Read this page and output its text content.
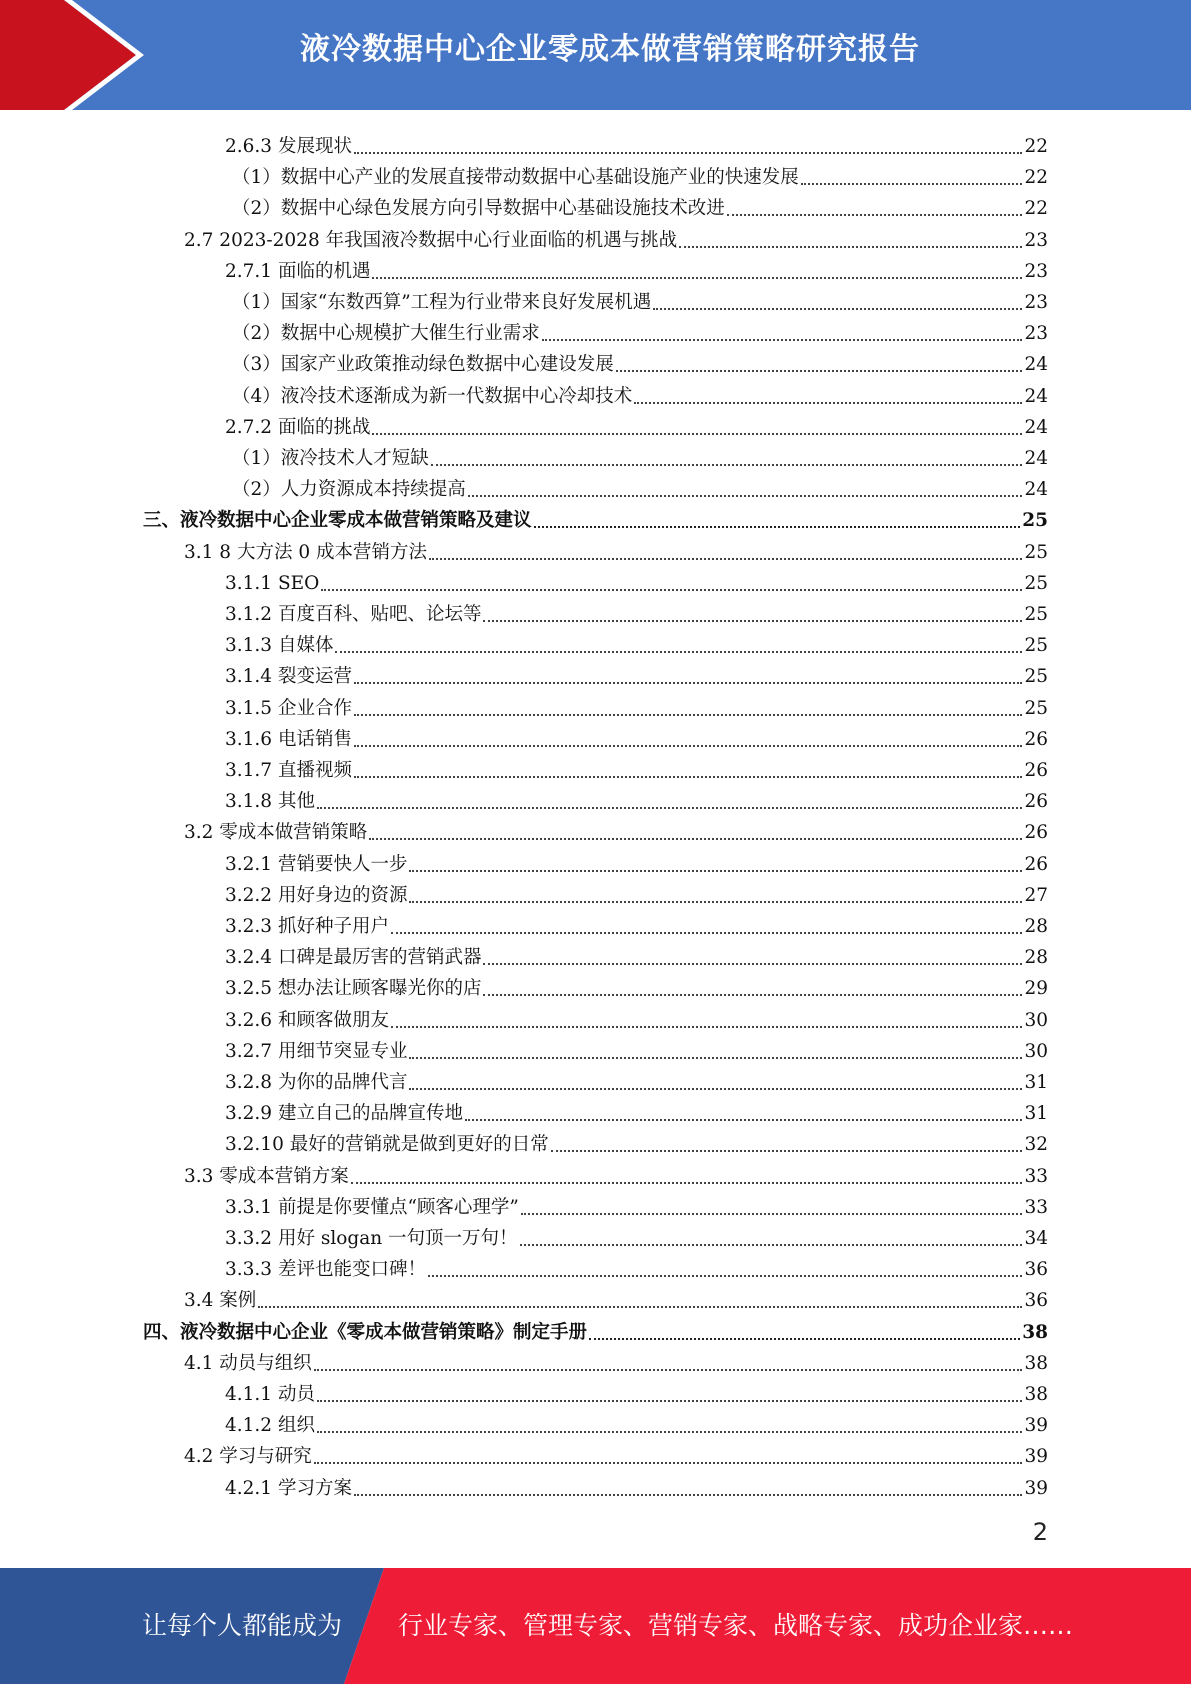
液冷数据中心企业零成本做营销策略研究报告
2.6.3 发展现状	22
（1）数据中心产业的发展直接带动数据中心基础设施产业的快速发展	22
（2）数据中心绿色发展方向引导数据中心基础设施技术改进	22
2.7 2023-2028 年我国液冷数据中心行业面临的机遇与挑战	23
2.7.1 面临的机遇	23
（1）国家“东数西算”工程为行业带来良好发展机遇	23
（2）数据中心规模扩大催生行业需求	23
（3）国家产业政策推动绿色数据中心建设发展	24
（4）液冷技术逐渐成为新一代数据中心冷却技术	24
2.7.2 面临的挑战	24
（1）液冷技术人才短缺	24
（2）人力资源成本持续提高	24
三、液冷数据中心企业零成本做营销策略及建议	25
3.1 8 大方法 0 成本营销方法	25
3.1.1 SEO	25
3.1.2 百度百科、贴吧、论坛等	25
3.1.3 自媒体	25
3.1.4 裂变运营	25
3.1.5 企业合作	25
3.1.6 电话销售	26
3.1.7 直播视频	26
3.1.8 其他	26
3.2 零成本做营销策略	26
3.2.1 营销要快人一步	26
3.2.2 用好身边的资源	27
3.2.3 抓好种子用户	28
3.2.4 口碑是最厉害的营销武器	28
3.2.5 想办法让顾客曝光你的店	29
3.2.6 和顾客做朋友	30
3.2.7 用细节突显专业	30
3.2.8 为你的品牌代言	31
3.2.9 建立自己的品牌宣传地	31
3.2.10 最好的营销就是做到更好的日常	32
3.3 零成本营销方案	33
3.3.1 前提是你要懂点“顾客心理学”	33
3.3.2 用好 slogan 一句顶一万句！	34
3.3.3 差评也能变口碑！	36
3.4 案例	36
四、液冷数据中心企业《零成本做营销策略》制定手册	38
4.1 动员与组织	38
4.1.1 动员	38
4.1.2 组织	39
4.2 学习与研究	39
4.2.1 学习方案	39
2
让每个人都能成为 行业专家、管理专家、营销专家、战略专家、成功企业家……
